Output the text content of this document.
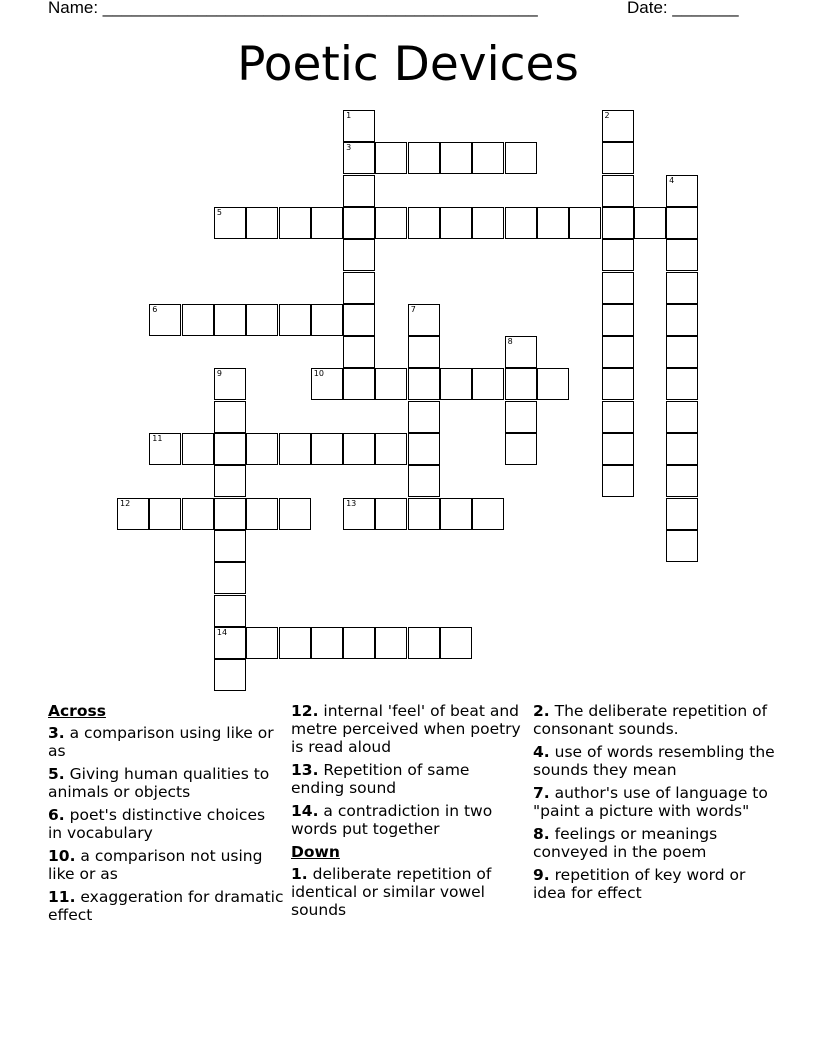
Name: ______________________________________________	Date: _______
Poetic Devices
1
3
2
4
5
6	7
8
9
14
10
11
12	13
Across
3. a comparison using like or as
5. Giving human qualities to animals or objects
6. poet's distinctive choices in vocabulary
10. a comparison not using like or as
11. exaggeration for dramatic effect
12. internal 'feel' of beat and metre perceived when poetry is read aloud
13. Repetition of same ending sound
14. a contradiction in two words put together
Down
1. deliberate repetition of identical or similar vowel sounds
2. The deliberate repetition of consonant sounds.
4. use of words resembling the sounds they mean
7. author's use of language to "paint a picture with words"
8. feelings or meanings conveyed in the poem
9. repetition of key word or idea for effect
